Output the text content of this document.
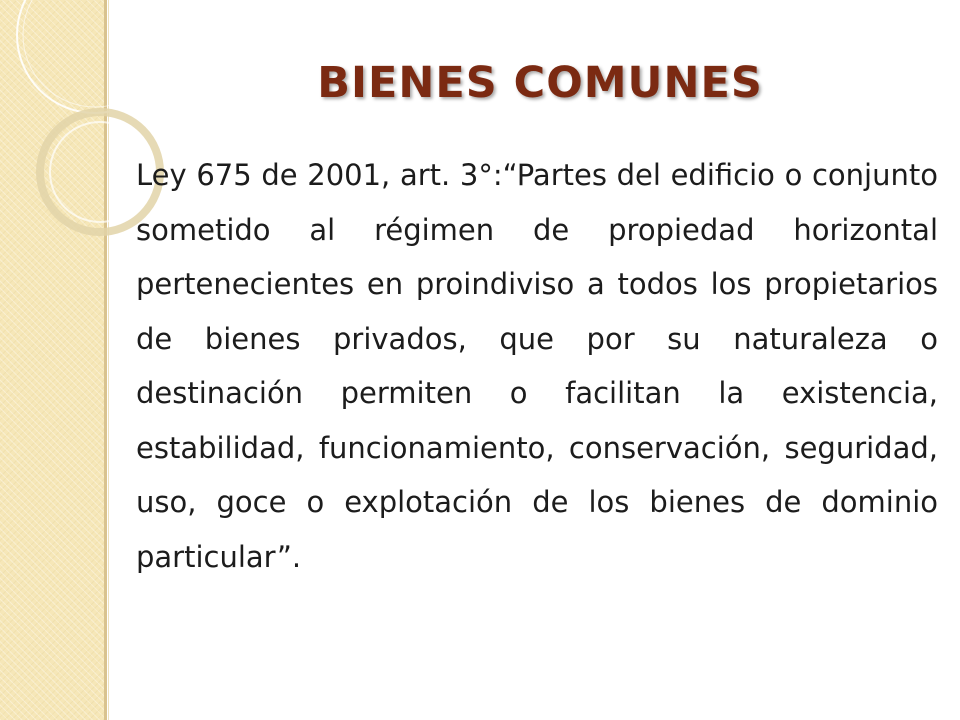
BIENES COMUNES

Ley 675 de 2001, art. 3°:“Partes del edificio o conjunto sometido al régimen de propiedad horizontal pertenecientes en proindiviso a todos los propietarios de bienes privados, que por su naturaleza o destinación permiten o facilitan la existencia, estabilidad, funcionamiento, conservación, seguridad, uso, goce o explotación de los bienes de dominio particular”.
